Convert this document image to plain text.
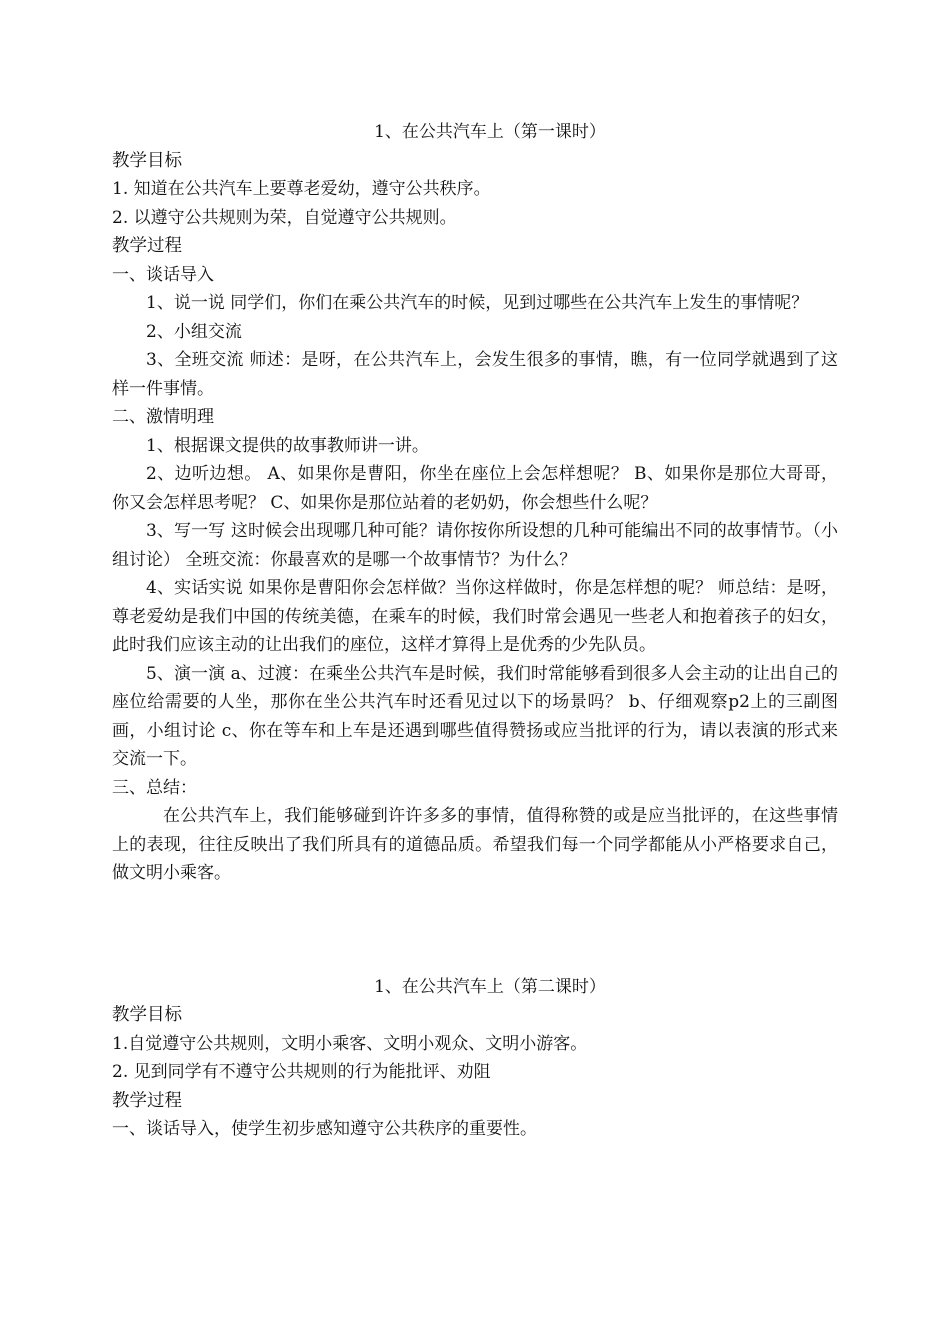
1、在公共汽车上（第一课时）

教学目标

1. 知道在公共汽车上要尊老爱幼，遵守公共秩序。

2. 以遵守公共规则为荣，自觉遵守公共规则。

教学过程

一、谈话导入

1、说一说 同学们，你们在乘公共汽车的时候，见到过哪些在公共汽车上发生的事情呢？

2、小组交流

3、全班交流 师述：是呀，在公共汽车上，会发生很多的事情，瞧，有一位同学就遇到了这样一件事情。

二、激情明理

1、根据课文提供的故事教师讲一讲。

2、边听边想。 A、如果你是曹阳，你坐在座位上会怎样想呢？ B、如果你是那位大哥哥，你又会怎样思考呢？ C、如果你是那位站着的老奶奶，你会想些什么呢？

3、写一写 这时候会出现哪几种可能？请你按你所设想的几种可能编出不同的故事情节。（小组讨论） 全班交流：你最喜欢的是哪一个故事情节？为什么？

4、实话实说 如果你是曹阳你会怎样做？当你这样做时，你是怎样想的呢？ 师总结：是呀，尊老爱幼是我们中国的传统美德，在乘车的时候，我们时常会遇见一些老人和抱着孩子的妇女，此时我们应该主动的让出我们的座位，这样才算得上是优秀的少先队员。

5、演一演 a、过渡：在乘坐公共汽车是时候，我们时常能够看到很多人会主动的让出自己的座位给需要的人坐，那你在坐公共汽车时还看见过以下的场景吗？ b、仔细观察p2上的三副图画，小组讨论 c、你在等车和上车是还遇到哪些值得赞扬或应当批评的行为，请以表演的形式来交流一下。

三、总结：

在公共汽车上，我们能够碰到许许多多的事情，值得称赞的或是应当批评的，在这些事情上的表现，往往反映出了我们所具有的道德品质。希望我们每一个同学都能从小严格要求自己，做文明小乘客。

1、在公共汽车上（第二课时）

教学目标

1.自觉遵守公共规则，文明小乘客、文明小观众、文明小游客。

2. 见到同学有不遵守公共规则的行为能批评、劝阻

教学过程

一、谈话导入，使学生初步感知遵守公共秩序的重要性。
